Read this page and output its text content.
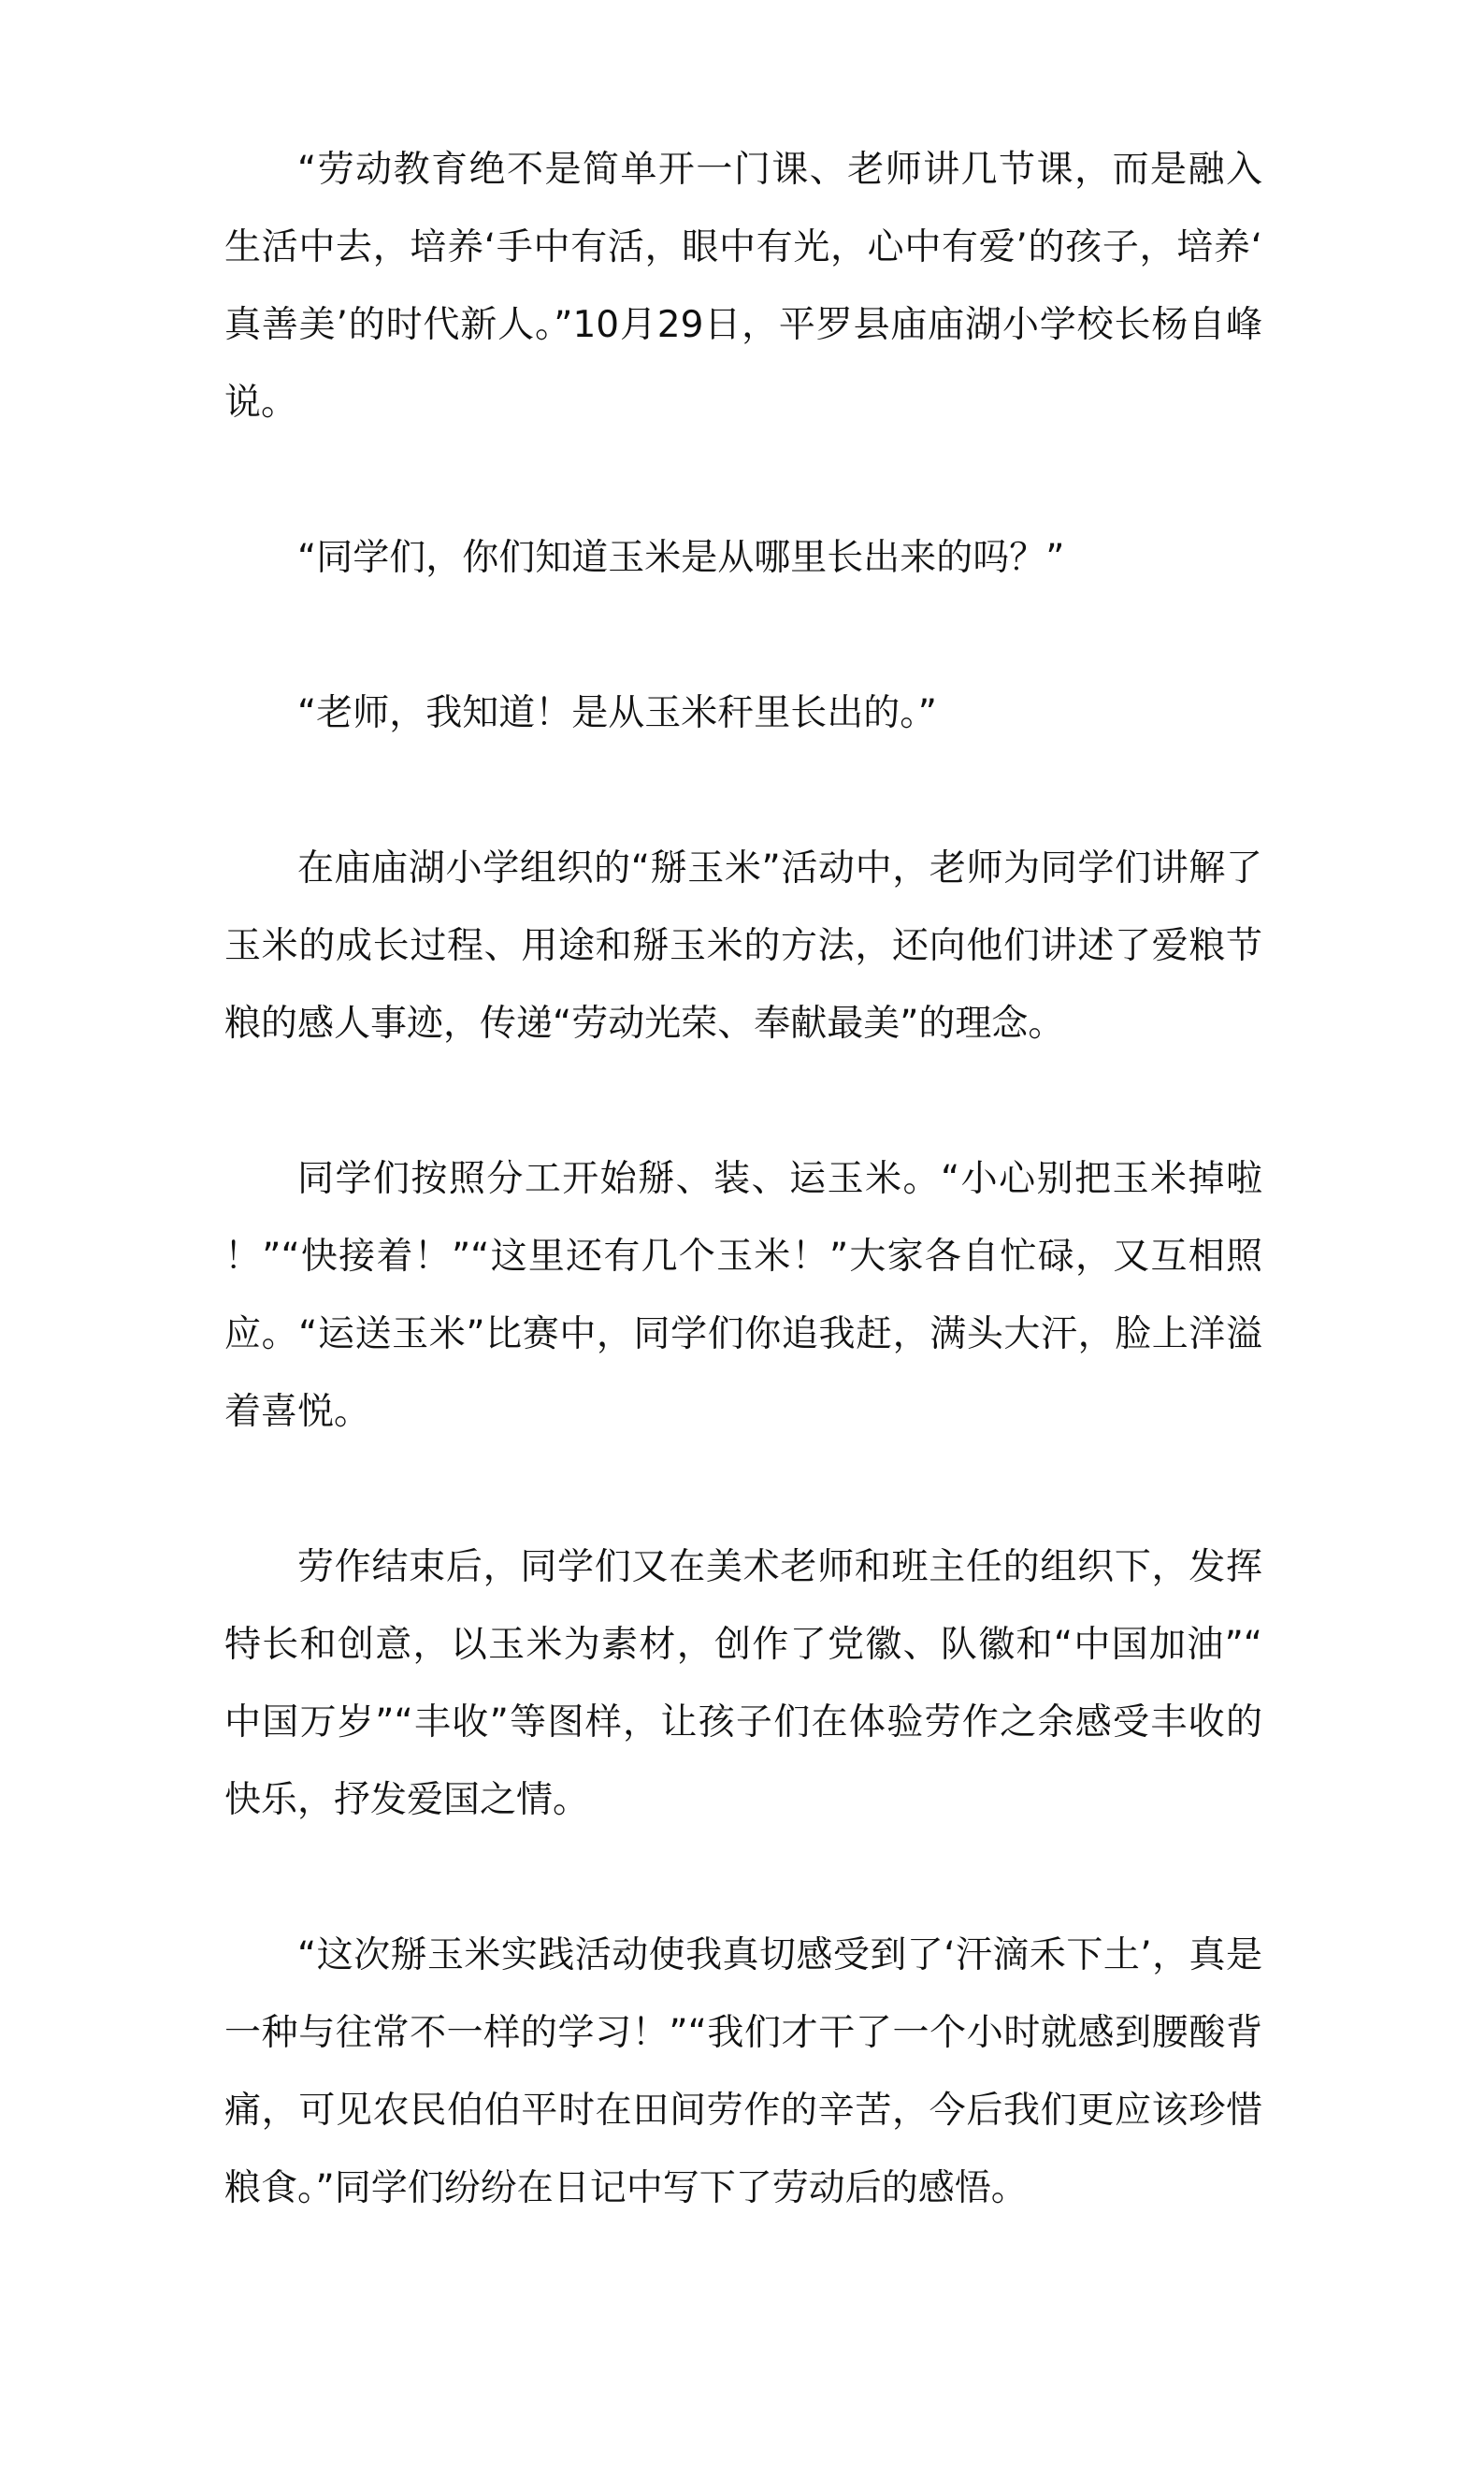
“劳动教育绝不是简单开一门课、老师讲几节课，而是融入生活中去，培养‘手中有活，眼中有光，心中有爱’的孩子，培养‘真善美’的时代新人。”10月29日，平罗县庙庙湖小学校长杨自峰说。

“同学们，你们知道玉米是从哪里长出来的吗？”

“老师，我知道！是从玉米秆里长出的。”

在庙庙湖小学组织的“掰玉米”活动中，老师为同学们讲解了玉米的成长过程、用途和掰玉米的方法，还向他们讲述了爱粮节粮的感人事迹，传递“劳动光荣、奉献最美”的理念。

同学们按照分工开始掰、装、运玉米。“小心别把玉米掉啦！”“快接着！”“这里还有几个玉米！”大家各自忙碌，又互相照应。“运送玉米”比赛中，同学们你追我赶，满头大汗，脸上洋溢着喜悦。

劳作结束后，同学们又在美术老师和班主任的组织下，发挥特长和创意，以玉米为素材，创作了党徽、队徽和“中国加油”“中国万岁”“丰收”等图样，让孩子们在体验劳作之余感受丰收的快乐，抒发爱国之情。

“这次掰玉米实践活动使我真切感受到了‘汗滴禾下土’，真是一种与往常不一样的学习！”“我们才干了一个小时就感到腰酸背痛，可见农民伯伯平时在田间劳作的辛苦，今后我们更应该珍惜粮食。”同学们纷纷在日记中写下了劳动后的感悟。
